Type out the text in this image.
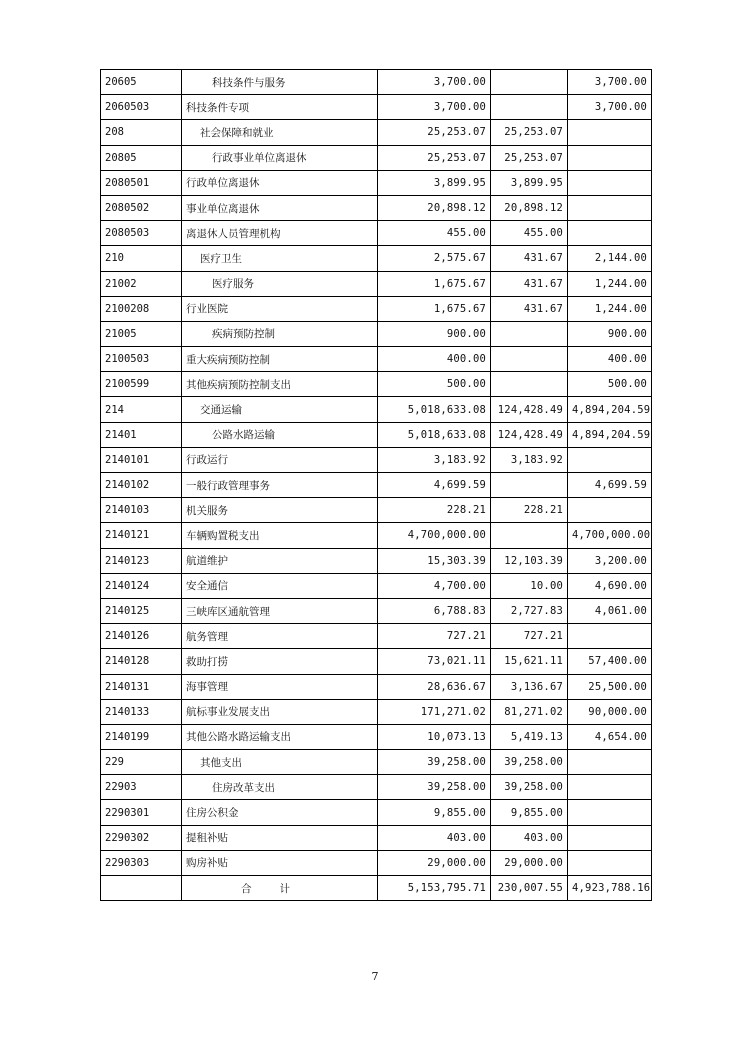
20605	科技条件与服务	3,700.00		3,700.00
2060503	科技条件专项	3,700.00		3,700.00
208	社会保障和就业	25,253.07	25,253.07	
20805	行政事业单位离退休	25,253.07	25,253.07	
2080501	行政单位离退休	3,899.95	3,899.95	
2080502	事业单位离退休	20,898.12	20,898.12	
2080503	离退休人员管理机构	455.00	455.00	
210	医疗卫生	2,575.67	431.67	2,144.00
21002	医疗服务	1,675.67	431.67	1,244.00
2100208	行业医院	1,675.67	431.67	1,244.00
21005	疾病预防控制	900.00		900.00
2100503	重大疾病预防控制	400.00		400.00
2100599	其他疾病预防控制支出	500.00		500.00
214	交通运输	5,018,633.08	124,428.49	4,894,204.59
21401	公路水路运输	5,018,633.08	124,428.49	4,894,204.59
2140101	行政运行	3,183.92	3,183.92	
2140102	一般行政管理事务	4,699.59		4,699.59
2140103	机关服务	228.21	228.21	
2140121	车辆购置税支出	4,700,000.00		4,700,000.00
2140123	航道维护	15,303.39	12,103.39	3,200.00
2140124	安全通信	4,700.00	10.00	4,690.00
2140125	三峡库区通航管理	6,788.83	2,727.83	4,061.00
2140126	航务管理	727.21	727.21	
2140128	救助打捞	73,021.11	15,621.11	57,400.00
2140131	海事管理	28,636.67	3,136.67	25,500.00
2140133	航标事业发展支出	171,271.02	81,271.02	90,000.00
2140199	其他公路水路运输支出	10,073.13	5,419.13	4,654.00
229	其他支出	39,258.00	39,258.00	
22903	住房改革支出	39,258.00	39,258.00	
2290301	住房公积金	9,855.00	9,855.00	
2290302	提租补贴	403.00	403.00	
2290303	购房补贴	29,000.00	29,000.00	
	合计	5,153,795.71	230,007.55	4,923,788.16
7
